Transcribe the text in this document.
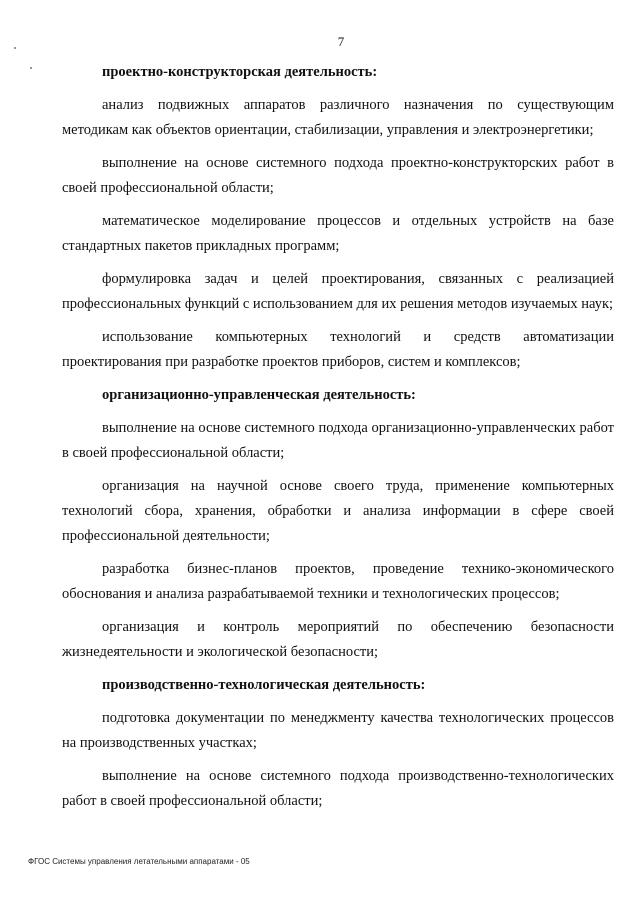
7
проектно-конструкторская деятельность:
анализ подвижных аппаратов различного назначения по существующим методикам как объектов ориентации, стабилизации, управления и электроэнергетики;
выполнение на основе системного подхода проектно-конструкторских работ в своей профессиональной области;
математическое моделирование процессов и отдельных устройств на базе стандартных пакетов прикладных программ;
формулировка задач и целей проектирования, связанных с реализацией профессиональных функций с использованием для их решения методов изучаемых наук;
использование компьютерных технологий и средств автоматизации проектирования при разработке проектов приборов, систем и комплексов;
организационно-управленческая деятельность:
выполнение на основе системного подхода организационно-управленческих работ в своей профессиональной области;
организация на научной основе своего труда, применение компьютерных технологий сбора, хранения, обработки и анализа информации в сфере своей профессиональной деятельности;
разработка бизнес-планов проектов, проведение технико-экономического обоснования и анализа разрабатываемой техники и технологических процессов;
организация и контроль мероприятий по обеспечению безопасности жизнедеятельности и экологической безопасности;
производственно-технологическая деятельность:
подготовка документации по менеджменту качества технологических процессов на производственных участках;
выполнение на основе системного подхода производственно-технологических работ в своей профессиональной области;
ФГОС Системы управления летательными аппаратами - 05
